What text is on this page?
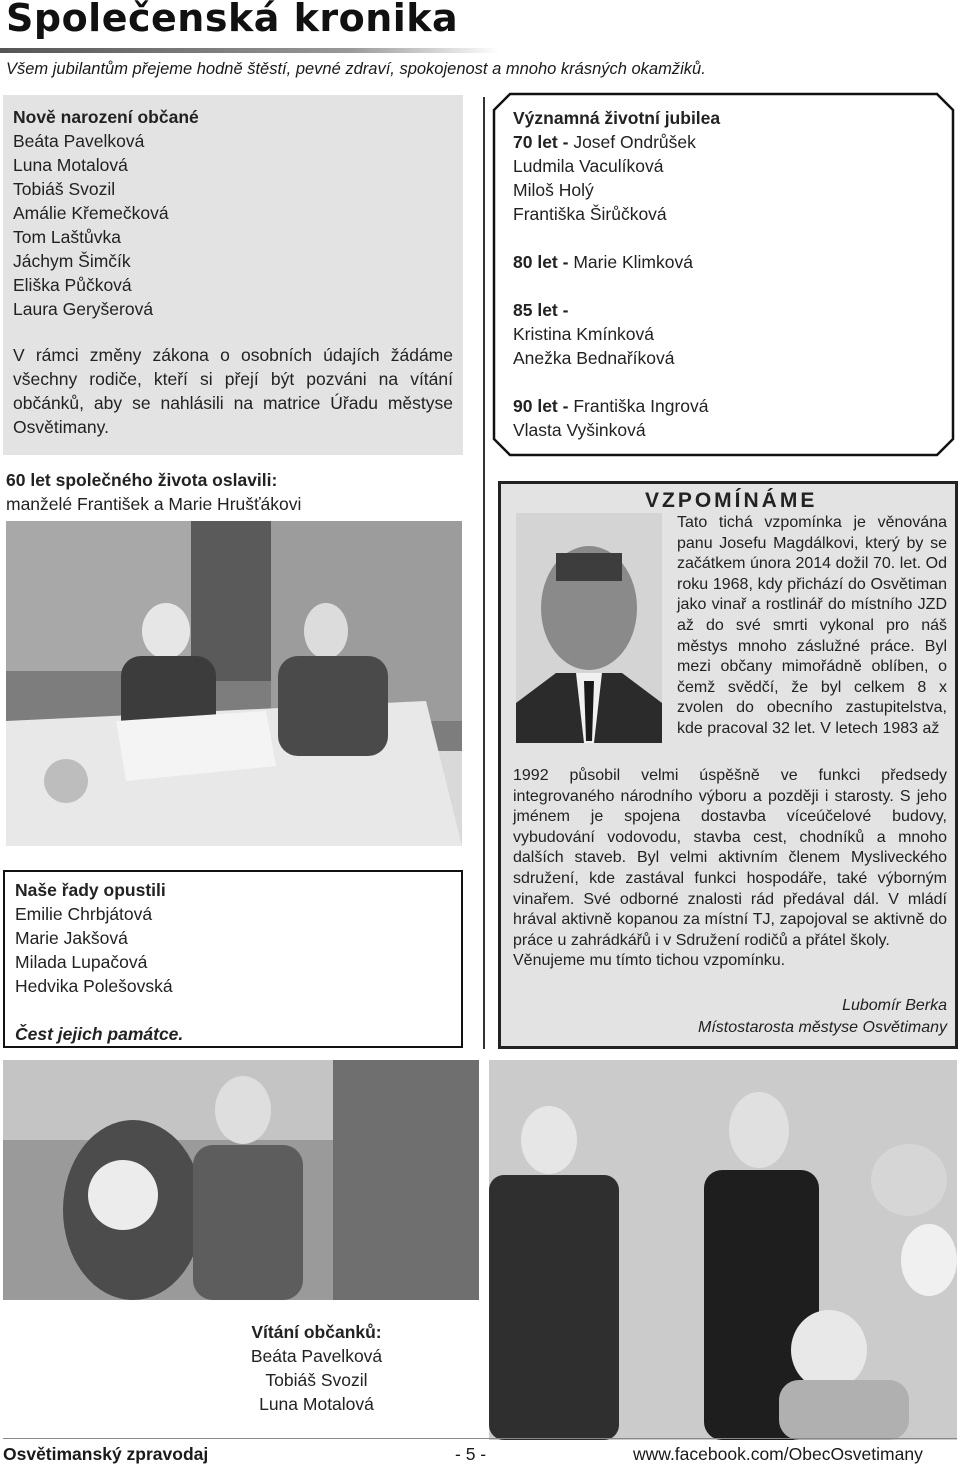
Společenská kronika
Všem jubilantům přejeme hodně štěstí, pevné zdraví, spokojenost a mnoho krásných okamžiků.
Nově narození občané
Beáta Pavelková
Luna Motalová
Tobiáš Svozil
Amálie Křemečková
Tom Laštůvka
Jáchym Šimčík
Eliška Půčková
Laura Geryšerová
V rámci změny zákona o osobních údajích žádáme všechny rodiče, kteří si přejí být pozváni na vítání občánků, aby se nahlásili na matrice Úřadu městyse Osvětimany.
Významná životní jubilea
70 let - Josef Ondrůšek
Ludmila Vaculíková
Miloš Holý
Františka Širůčková
80 let - Marie Klimková
85 let -
Kristina Kmínková
Anežka Bednaříková
90 let - Františka Ingrová
Vlasta Vyšinková
60 let společného života oslavili:
manželé František a Marie Hrušťákovi
Naše řady opustili
Emilie Chrbjátová
Marie Jakšová
Milada Lupačová
Hedvika Polešovská
Čest jejich památce.
VZPOMÍNÁME
Tato tichá vzpomínka je věnována panu Josefu Magdálkovi, který by se začátkem února 2014 dožil 70. let. Od roku 1968, kdy přichází do Osvětiman jako vinař a rostlinář do místního JZD až do své smrti vykonal pro náš městys mnoho záslužné práce. Byl mezi občany mimořádně oblíben, o čemž svědčí, že byl celkem 8 x zvolen do obecního zastupitelstva, kde pracoval 32 let. V letech 1983 až
1992 působil velmi úspěšně ve funkci předsedy integrovaného národního výboru a později i starosty. S jeho jménem je spojena dostavba víceúčelové budovy, vybudování vodovodu, stavba cest, chodníků a mnoho dalších staveb. Byl velmi aktivním členem Mysliveckého sdružení, kde zastával funkci hospodáře, také výborným vinařem. Své odborné znalosti rád předával dál. V mládí hrával aktivně kopanou za místní TJ, zapojoval se aktivně do práce u zahrádkářů i v Sdružení rodičů a přátel školy.
Věnujeme mu tímto tichou vzpomínku.
Lubomír Berka
Místostarosta městyse Osvětimany
Vítání občanků:
Beáta Pavelková
Tobiáš Svozil
Luna Motalová
Osvětimanský zpravodaj	- 5 -	www.facebook.com/ObecOsvetimany
